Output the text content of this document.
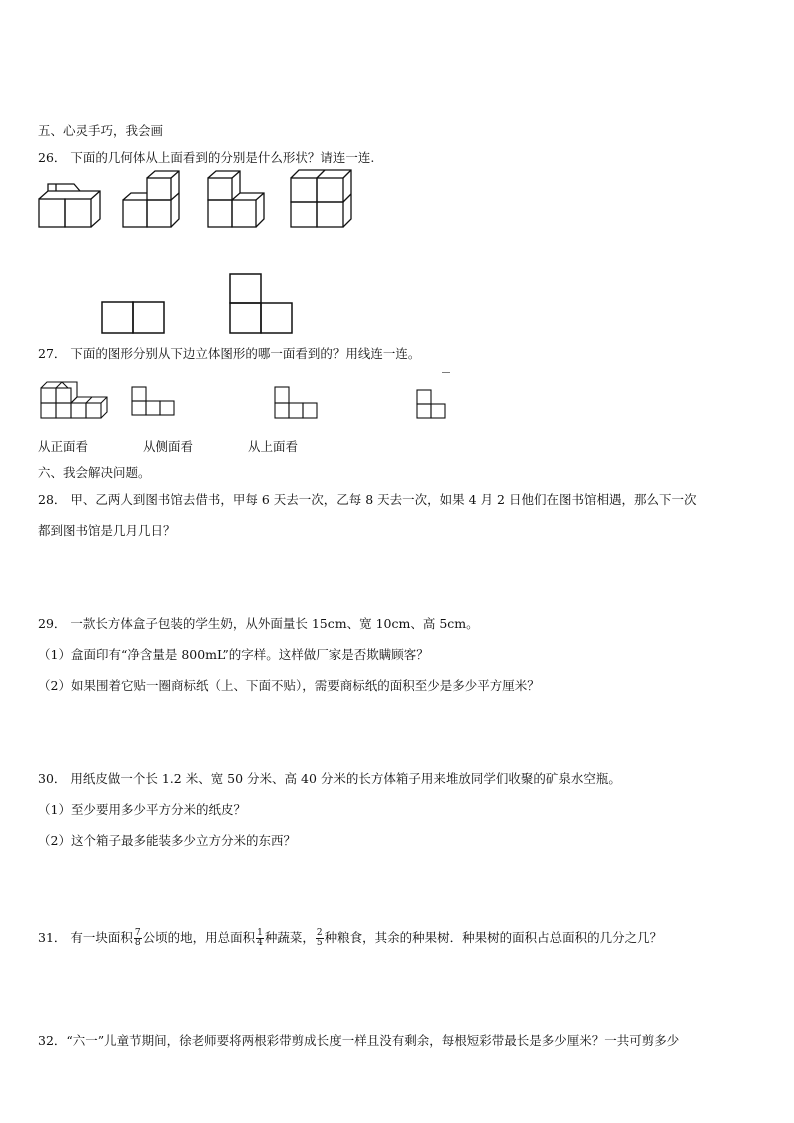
五、心灵手巧，我会画
26． 下面的几何体从上面看到的分别是什么形状？请连一连.
27． 下面的图形分别从下边立体图形的哪一面看到的？用线连一连。
从正面看	从侧面看	从上面看
六、我会解决问题。
28． 甲、乙两人到图书馆去借书，甲每 6 天去一次，乙每 8 天去一次，如果 4 月 2 日他们在图书馆相遇，那么下一次
都到图书馆是几月几日？
29． 一款长方体盒子包装的学生奶，从外面量长 15cm、宽 10cm、高 5cm。
（1）盒面印有“净含量是 800mL”的字样。这样做厂家是否欺瞒顾客？
（2）如果围着它贴一圈商标纸（上、下面不贴），需要商标纸的面积至少是多少平方厘米？
30． 用纸皮做一个长 1.2 米、宽 50 分米、高 40 分米的长方体箱子用来堆放同学们收聚的矿泉水空瓶。
（1）至少要用多少平方分米的纸皮？
（2）这个箱子最多能装多少立方分米的东西？
31． 有一块面积 $\frac{7}{8}$ 公顷的地，用总面积 $\frac{1}{4}$ 种蔬菜， $\frac{2}{5}$ 种粮食，其余的种果树．种果树的面积占总面积的几分之几？
32．“六一”儿童节期间，徐老师要将两根彩带剪成长度一样且没有剩余，每根短彩带最长是多少厘米？一共可剪多少
